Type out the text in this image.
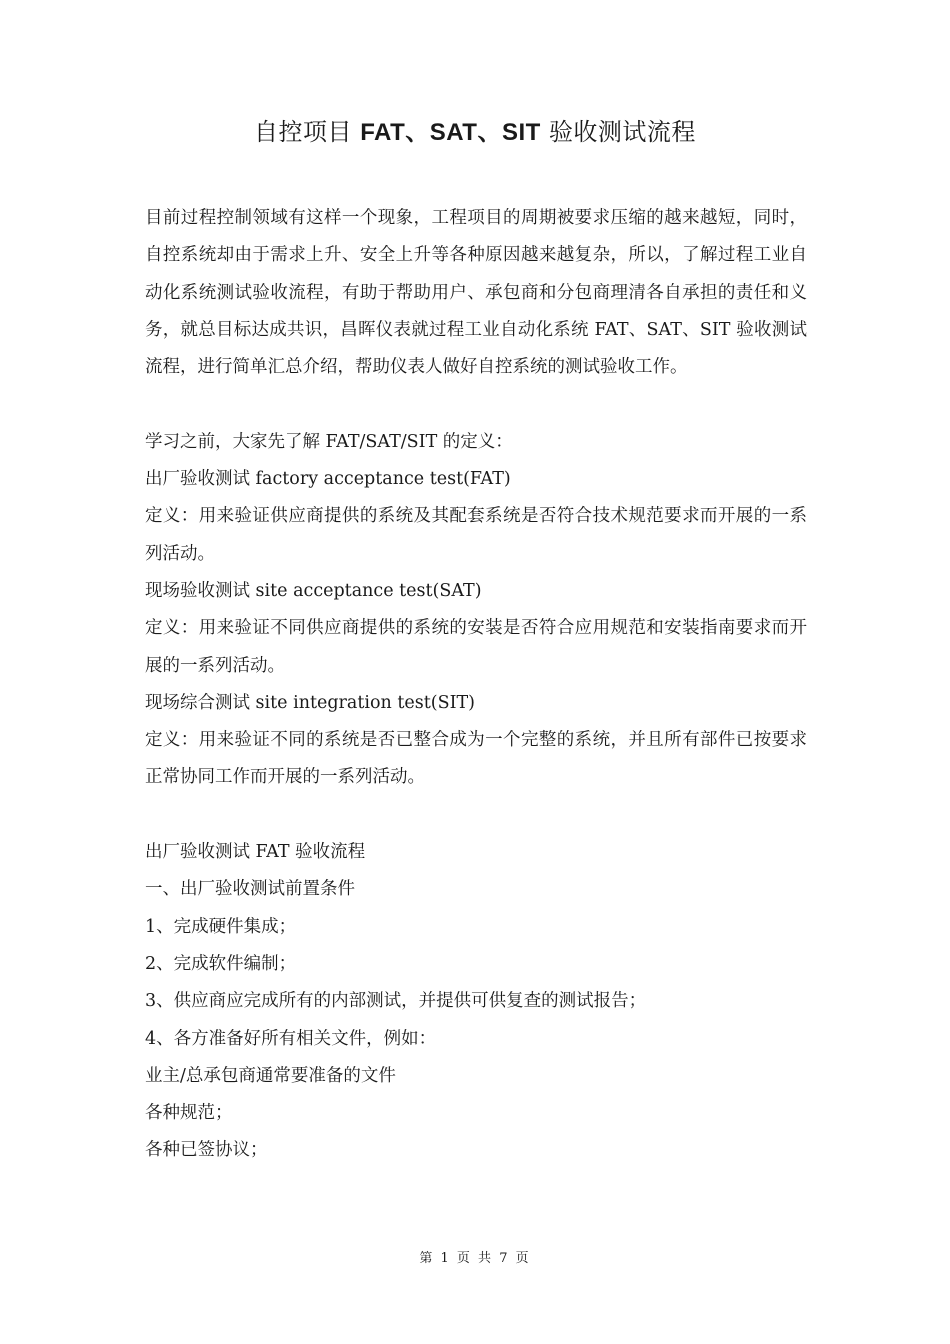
自控项目 FAT、SAT、SIT 验收测试流程

目前过程控制领域有这样一个现象，工程项目的周期被要求压缩的越来越短，同时，自控系统却由于需求上升、安全上升等各种原因越来越复杂，所以，了解过程工业自动化系统测试验收流程，有助于帮助用户、承包商和分包商理清各自承担的责任和义务，就总目标达成共识，昌晖仪表就过程工业自动化系统 FAT、SAT、SIT 验收测试流程，进行简单汇总介绍，帮助仪表人做好自控系统的测试验收工作。

学习之前，大家先了解 FAT/SAT/SIT 的定义：

出厂验收测试 factory acceptance test(FAT)

定义：用来验证供应商提供的系统及其配套系统是否符合技术规范要求而开展的一系列活动。

现场验收测试 site acceptance test(SAT)

定义：用来验证不同供应商提供的系统的安装是否符合应用规范和安装指南要求而开展的一系列活动。

现场综合测试 site integration test(SIT)

定义：用来验证不同的系统是否已整合成为一个完整的系统，并且所有部件已按要求正常协同工作而开展的一系列活动。

出厂验收测试 FAT 验收流程

一、出厂验收测试前置条件

1、完成硬件集成；

2、完成软件编制；

3、供应商应完成所有的内部测试，并提供可供复查的测试报告；

4、各方准备好所有相关文件，例如：

业主/总承包商通常要准备的文件

各种规范；

各种已签协议；

第 1 页 共 7 页
